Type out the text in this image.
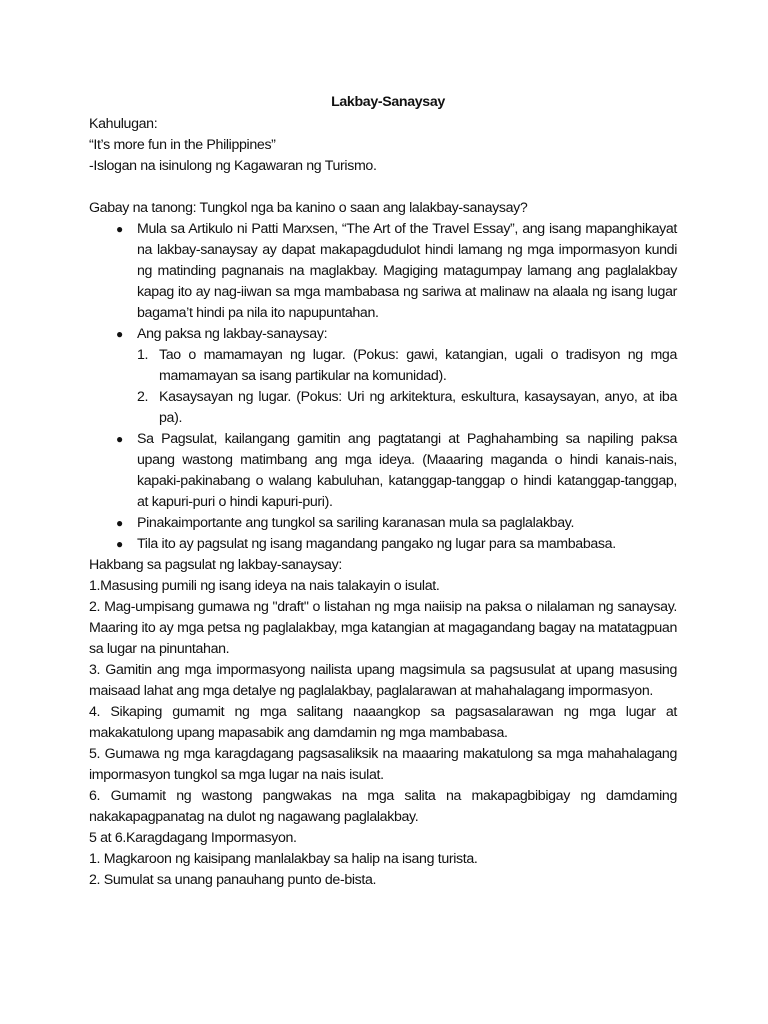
Lakbay-Sanaysay

Kahulugan:

“It’s more fun in the Philippines”

-Islogan na isinulong ng Kagawaran ng Turismo.

Gabay na tanong: Tungkol nga ba kanino o saan ang lalakbay-sanaysay?

● Mula sa Artikulo ni Patti Marxsen, “The Art of the Travel Essay”, ang isang mapanghikayat na lakbay-sanaysay ay dapat makapagdudulot hindi lamang ng mga impormasyon kundi ng matinding pagnanais na maglakbay. Magiging matagumpay lamang ang paglalakbay kapag ito ay nag-iiwan sa mga mambabasa ng sariwa at malinaw na alaala ng isang lugar bagama’t hindi pa nila ito napupuntahan.
● Ang paksa ng lakbay-sanaysay:
1. Tao o mamamayan ng lugar. (Pokus: gawi, katangian, ugali o tradisyon ng mga mamamayan sa isang partikular na komunidad).
2. Kasaysayan ng lugar. (Pokus: Uri ng arkitektura, eskultura, kasaysayan, anyo, at iba pa).
● Sa Pagsulat, kailangang gamitin ang pagtatangi at Paghahambing sa napiling paksa upang wastong matimbang ang mga ideya. (Maaaring maganda o hindi kanais-nais, kapaki-pakinabang o walang kabuluhan, katanggap-tanggap o hindi katanggap-tanggap, at kapuri-puri o hindi kapuri-puri).
● Pinakaimportante ang tungkol sa sariling karanasan mula sa paglalakbay.
● Tila ito ay pagsulat ng isang magandang pangako ng lugar para sa mambabasa.

Hakbang sa pagsulat ng lakbay-sanaysay:

1.Masusing pumili ng isang ideya na nais talakayin o isulat.

2. Mag-umpisang gumawa ng "draft" o listahan ng mga naiisip na paksa o nilalaman ng sanaysay. Maaring ito ay mga petsa ng paglalakbay, mga katangian at magagandang bagay na matatagpuan sa lugar na pinuntahan.

3. Gamitin ang mga impormasyong nailista upang magsimula sa pagsusulat at upang masusing maisaad lahat ang mga detalye ng paglalakbay, paglalarawan at mahahalagang impormasyon.

4. Sikaping gumamit ng mga salitang naaangkop sa pagsasalarawan ng mga lugar at makakatulong upang mapasabik ang damdamin ng mga mambabasa.

5. Gumawa ng mga karagdagang pagsasaliksik na maaaring makatulong sa mga mahahalagang impormasyon tungkol sa mga lugar na nais isulat.

6. Gumamit ng wastong pangwakas na mga salita na makapagbibigay ng damdaming nakakapagpanatag na dulot ng nagawang paglalakbay.

5 at 6.Karagdagang Impormasyon.

1. Magkaroon ng kaisipang manlalakbay sa halip na isang turista.

2. Sumulat sa unang panauhang punto de-bista.
